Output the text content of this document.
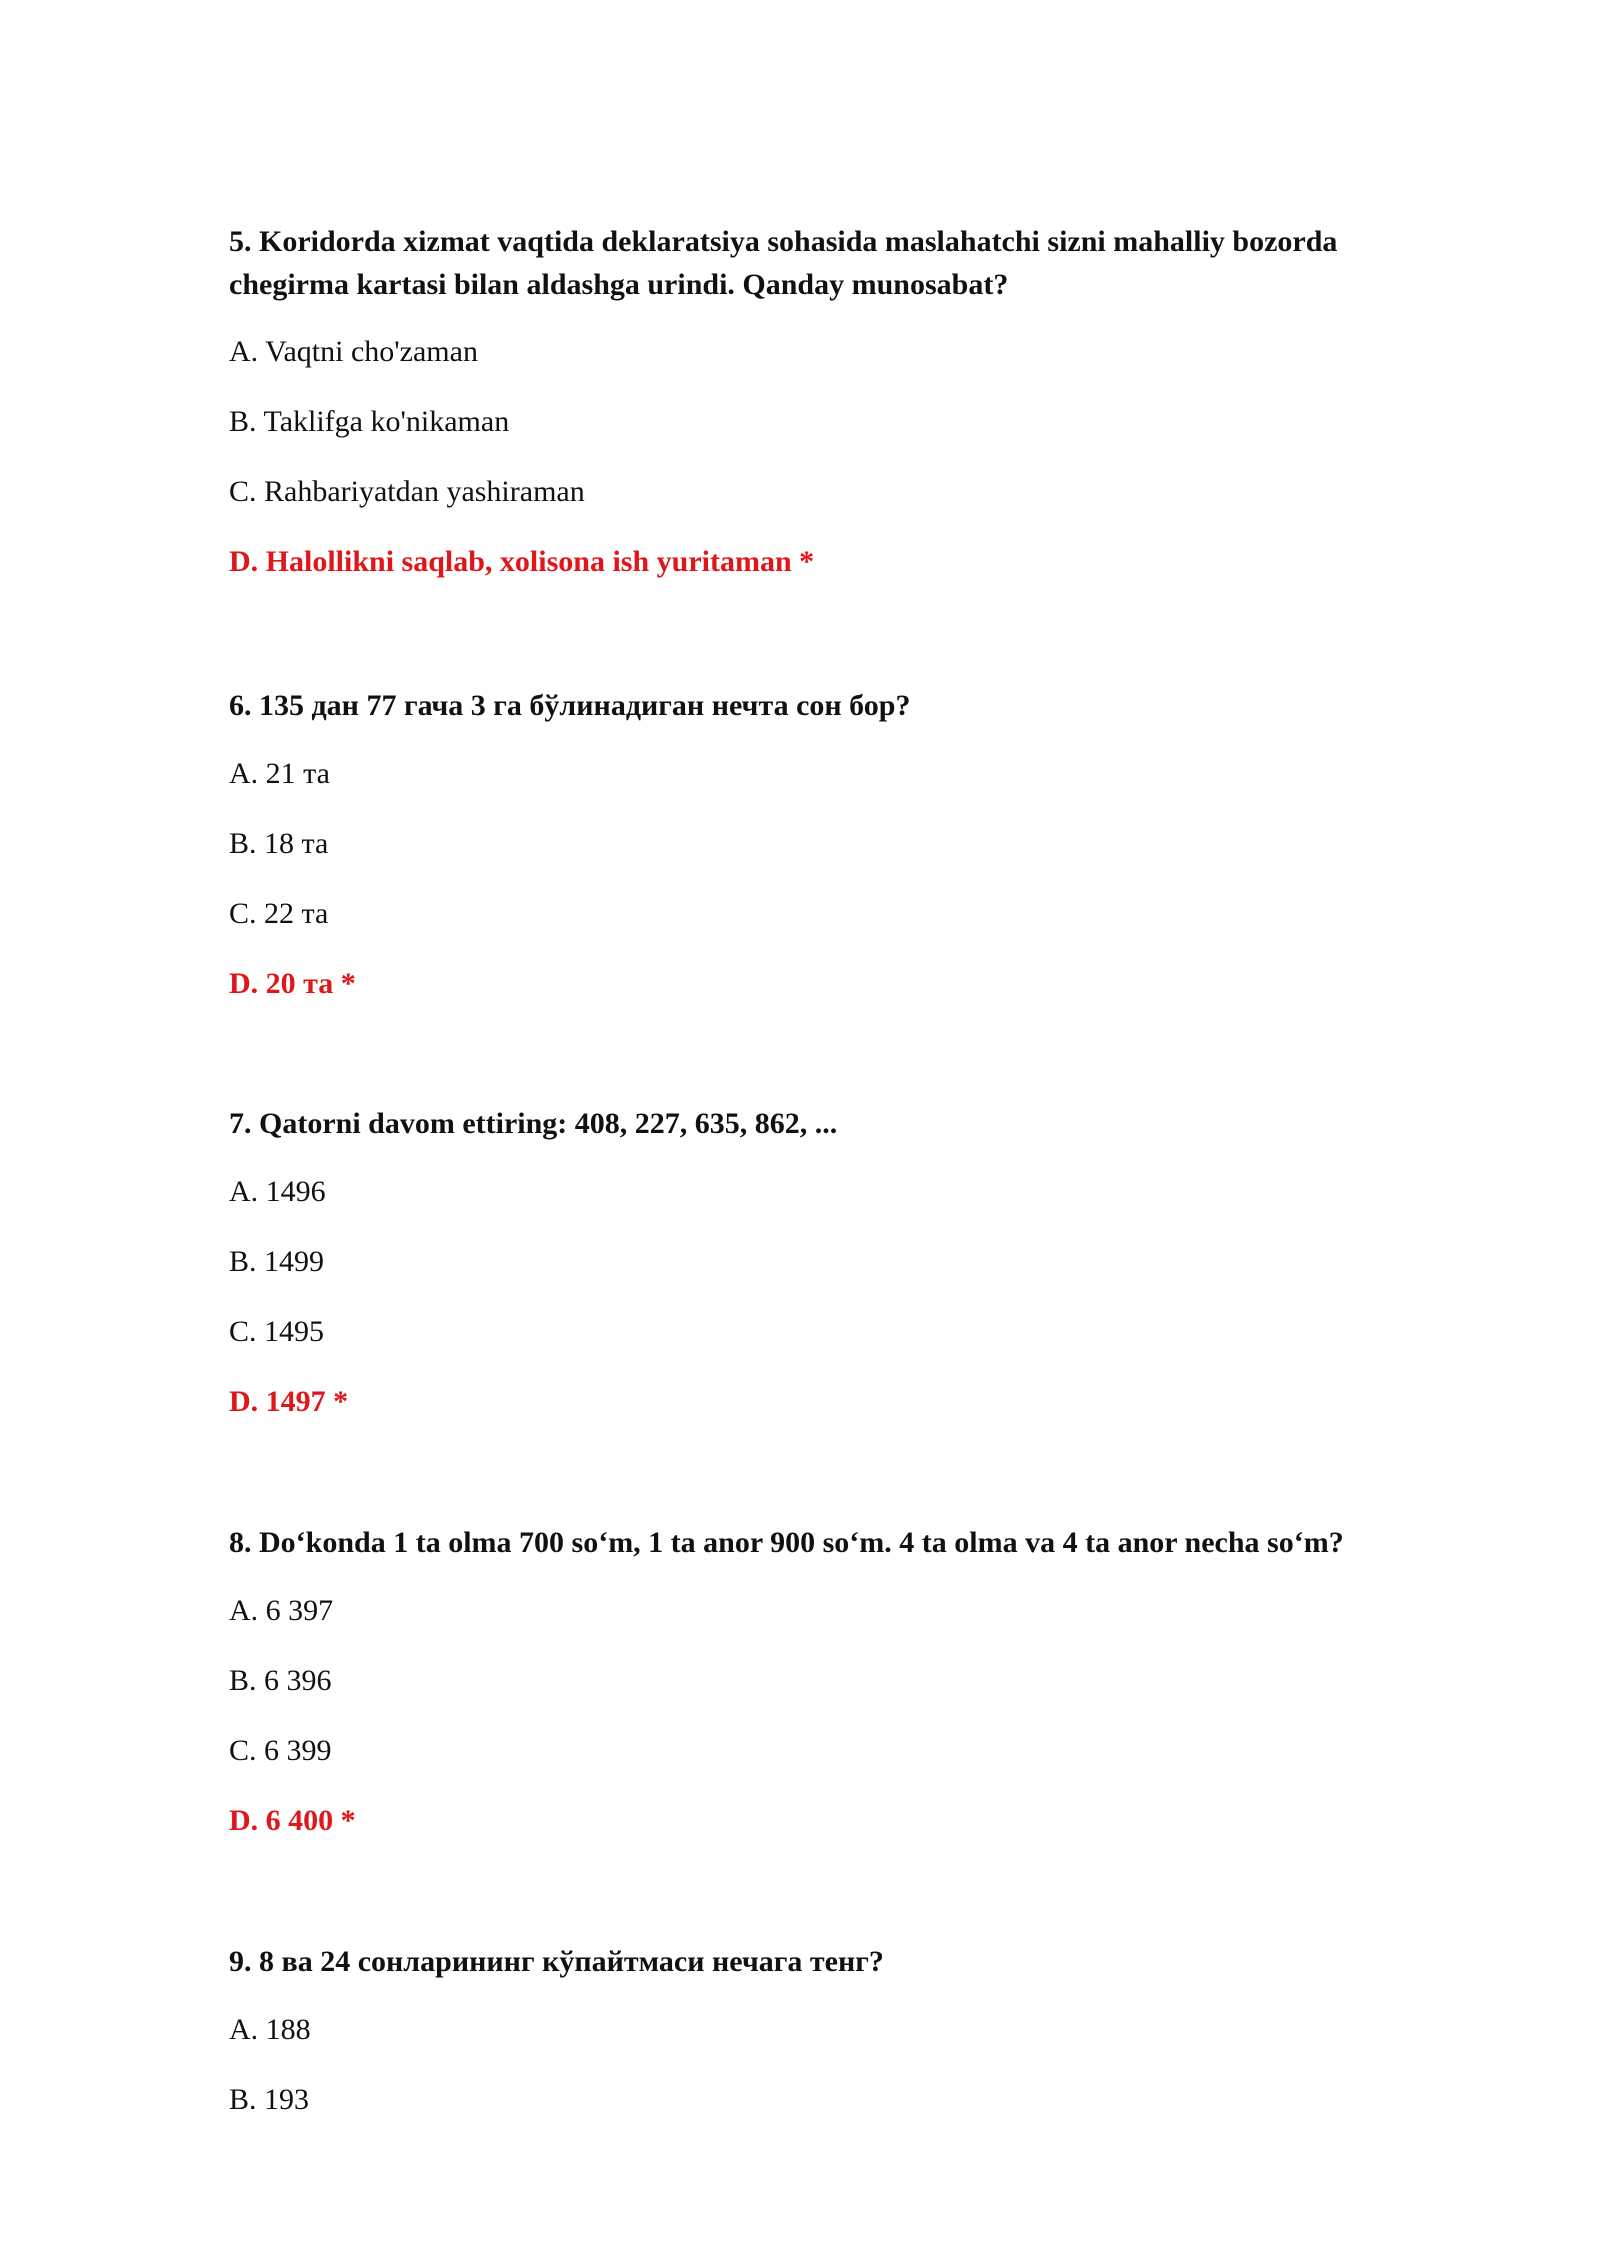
5. Koridorda xizmat vaqtida deklaratsiya sohasida maslahatchi sizni mahalliy bozorda chegirma kartasi bilan aldashga urindi. Qanday munosabat?

A. Vaqtni cho'zaman

B. Taklifga ko'nikaman

C. Rahbariyatdan yashiraman

D. Halollikni saqlab, xolisona ish yuritaman *

6. 135 дан 77 гача 3 га бўлинадиган нечта сон бор?

A. 21 та

B. 18 та

C. 22 та

D. 20 та *

7. Qatorni davom ettiring: 408, 227, 635, 862, ...

A. 1496

B. 1499

C. 1495

D. 1497 *

8. Do‘konda 1 ta olma 700 so‘m, 1 ta anor 900 so‘m. 4 ta olma va 4 ta anor necha so‘m?

A. 6 397

B. 6 396

C. 6 399

D. 6 400 *

9. 8 ва 24 сонларининг кўпайтмаси нечага тенг?

A. 188

B. 193
